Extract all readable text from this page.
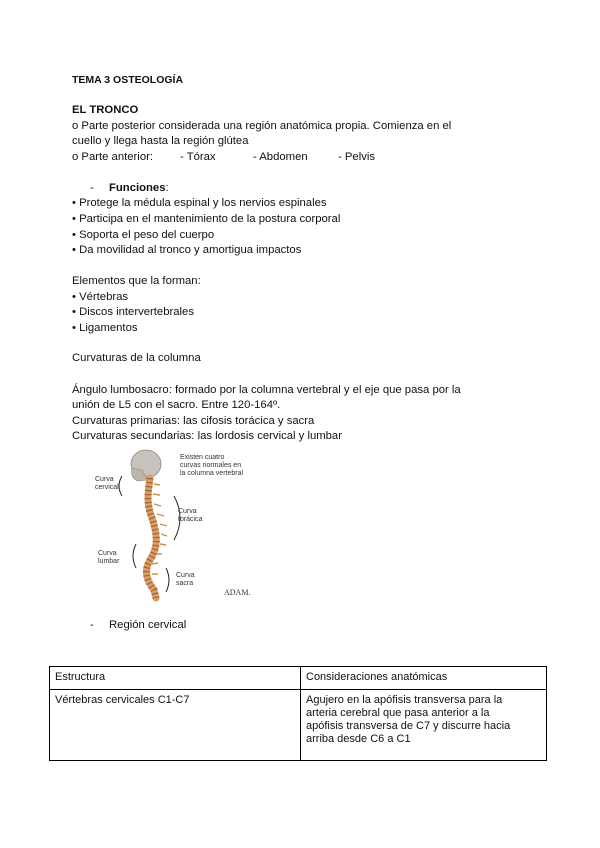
TEMA 3 OSTEOLOGÍA
EL TRONCO
o Parte posterior considerada una región anatómica propia. Comienza en el
cuello y llega hasta la región glútea
o Parte anterior: - Tórax	- Abdomen	- Pelvis
- Funciones:
• Protege la médula espinal y los nervios espinales
• Participa en el mantenimiento de la postura corporal
• Soporta el peso del cuerpo
• Da movilidad al tronco y amortigua impactos
Elementos que la forman:
• Vértebras
• Discos intervertebrales
• Ligamentos
Curvaturas de la columna
Ángulo lumbosacro: formado por la columna vertebral y el eje que pasa por la
unión de L5 con el sacro. Entre 120-164º.
Curvaturas primarias: las cifosis torácica y sacra
Curvaturas secundarias: las lordosis cervical y lumbar
Existen cuatro
curvas normales en
la columna vertebral
Curva
cervical
Curva
torácica
Curva
lumbar
Curva
sacra
ADAM.
- Región cervical
Estructura	Consideraciones anatómicas
Vértebras cervicales C1-C7	Agujero en la apófisis transversa para la
arteria cerebral que pasa anterior a la
apófisis transversa de C7 y discurre hacia
arriba desde C6 a C1
